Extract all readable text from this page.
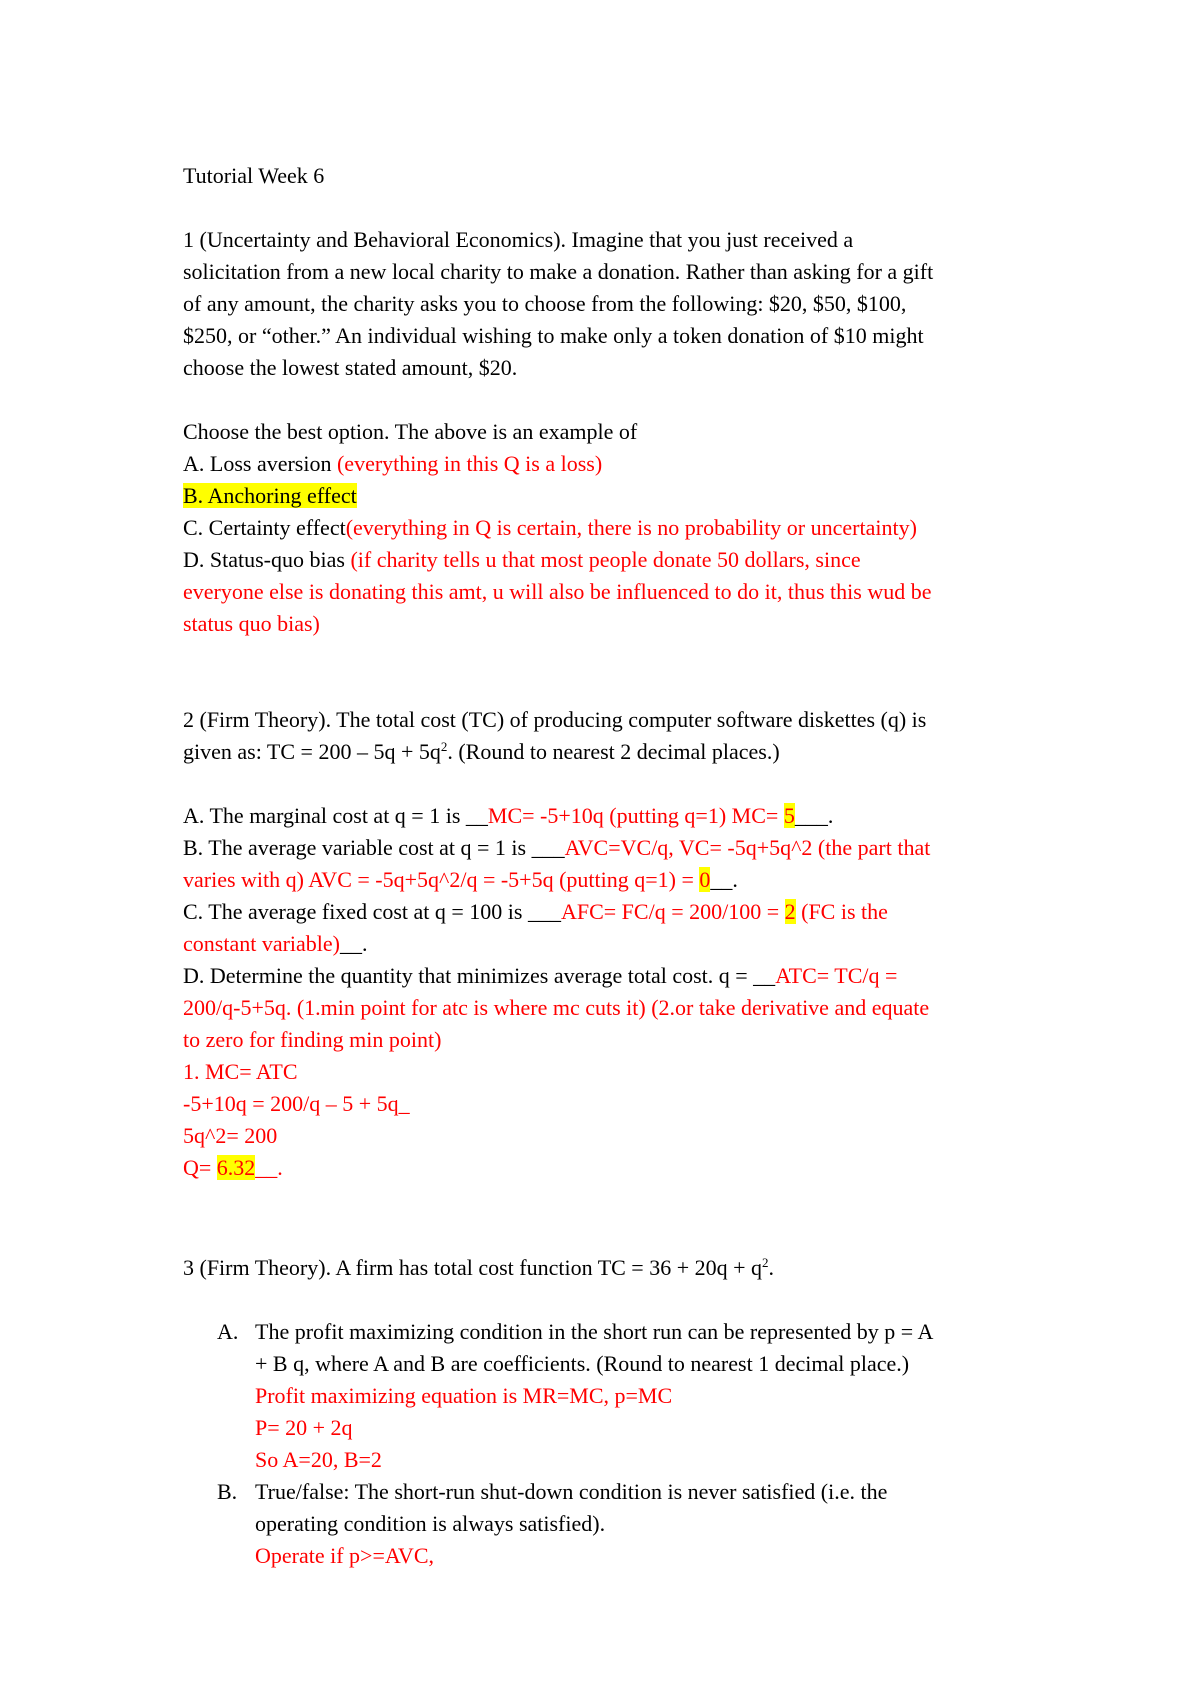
Tutorial Week 6
1 (Uncertainty and Behavioral Economics). Imagine that you just received a
solicitation from a new local charity to make a donation. Rather than asking for a gift
of any amount, the charity asks you to choose from the following: $20, $50, $100,
$250, or “other.” An individual wishing to make only a token donation of $10 might
choose the lowest stated amount, $20.
Choose the best option. The above is an example of
A. Loss aversion (everything in this Q is a loss)
B. Anchoring effect
C. Certainty effect(everything in Q is certain, there is no probability or uncertainty)
D. Status-quo bias (if charity tells u that most people donate 50 dollars, since
everyone else is donating this amt, u will also be influenced to do it, thus this wud be
status quo bias)
2 (Firm Theory). The total cost (TC) of producing computer software diskettes (q) is
given as: TC = $200 - 5q + 5q^2$. (Round to nearest 2 decimal places.)
A. The marginal cost at q = 1 is __MC= -5+10q (putting q=1) MC= 5___.
B. The average variable cost at q = 1 is ___AVC=VC/q, VC= -5q+5q^2 (the part that
varies with q) AVC = -5q+5q^2/q = -5+5q (putting q=1) = 0__.
C. The average fixed cost at q = 100 is ___AFC= FC/q = 200/100 = 2 (FC is the
constant variable)__.
D. Determine the quantity that minimizes average total cost. q = __ATC= TC/q =
200/q-5+5q. (1.min point for atc is where mc cuts it) (2.or take derivative and equate
to zero for finding min point)
1. MC= ATC
-5+10q = 200/q – 5 + 5q_
5q^2= 200
Q= 6.32__.
3 (Firm Theory). A firm has total cost function TC = $36 + 20q + q^2$.
A. The profit maximizing condition in the short run can be represented by p = A
+ B q, where A and B are coefficients. (Round to nearest 1 decimal place.)
Profit maximizing equation is MR=MC, p=MC
P= 20 + 2q
So A=20, B=2
B. True/false: The short-run shut-down condition is never satisfied (i.e. the
operating condition is always satisfied).
Operate if p>=AVC,
